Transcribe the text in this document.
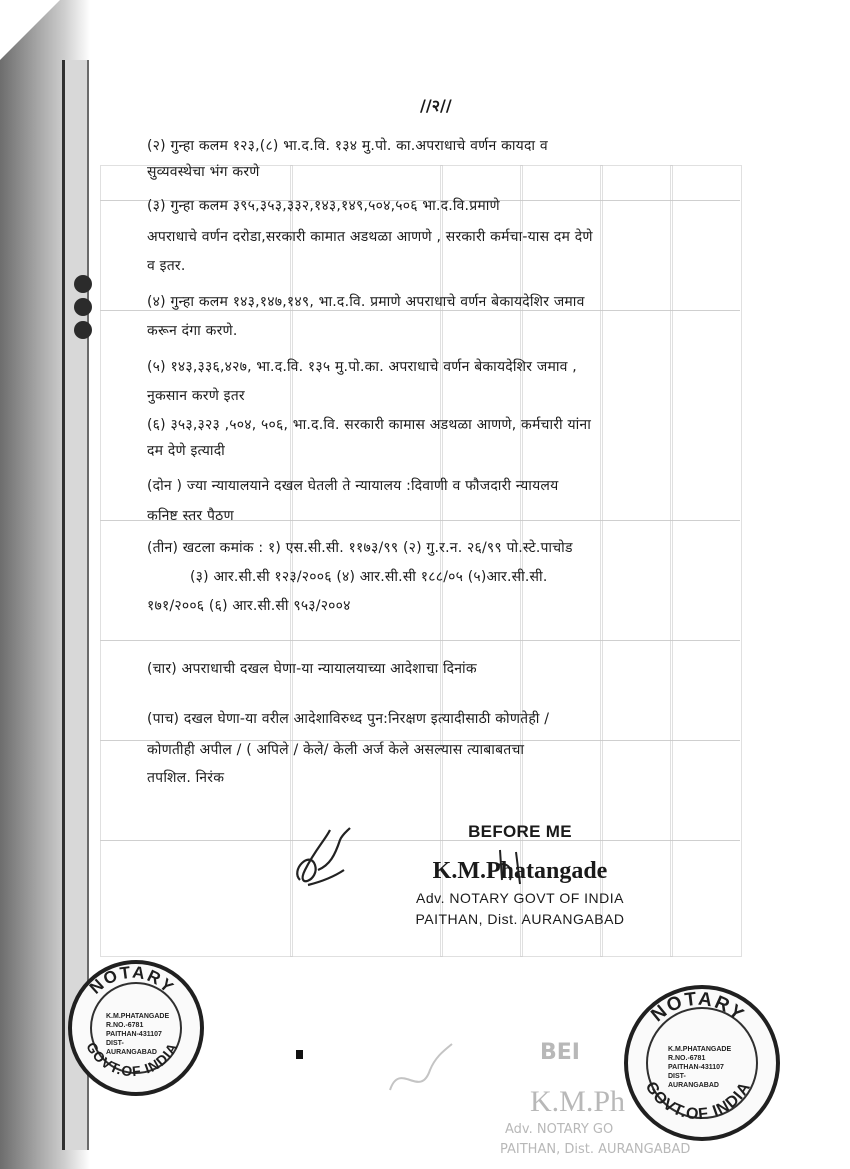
BEI
K.M.Ph
Adv. NOTARY GO
PAITHAN, Dist. AURANGABAD
//२//
(२) गुन्हा कलम १२३,(८) भा.द.वि. १३४ मु.पो. का.अपराधाचे वर्णन कायदा व
सुव्यवस्थेचा भंग करणे
(३) गुन्हा कलम ३९५,३५३,३३२,१४३,१४९,५०४,५०६ भा.द.वि.प्रमाणे
अपराधाचे वर्णन दरोडा,सरकारी कामात अडथळा आणणे , सरकारी कर्मचा-यास दम देणे
व इतर.
(४) गुन्हा कलम १४३,१४७,१४९, भा.द.वि. प्रमाणे अपराधाचे वर्णन बेकायदेशिर जमाव
करून दंगा करणे.
(५) १४३,३३६,४२७, भा.द.वि. १३५ मु.पो.का. अपराधाचे वर्णन बेकायदेशिर जमाव ,
नुकसान करणे इतर
(६) ३५३,३२३ ,५०४, ५०६, भा.द.वि. सरकारी कामास अडथळा आणणे, कर्मचारी यांना
दम देणे इत्यादी
(दोन ) ज्या न्यायालयाने दखल घेतली ते न्यायालय :दिवाणी व फौजदारी न्यायलय
कनिष्ट स्तर पैठण
(तीन) खटला कमांक : १) एस.सी.सी. ११७३/९९ (२) गु.र.न. २६/९९ पो.स्टे.पाचोड
(३) आर.सी.सी १२३/२००६ (४) आर.सी.सी १८८/०५ (५)आर.सी.सी.
१७१/२००६ (६) आर.सी.सी ९५३/२००४
(चार) अपराधाची दखल घेणा-या न्यायालयाच्या आदेशाचा दिनांक
(पाच) दखल घेणा-या वरील आदेशाविरुध्द पुन:निरक्षण इत्यादीसाठी कोणतेही /
कोणतीही अपील / ( अपिले / केले/ केली अर्ज केले असल्यास त्याबाबतचा
तपशिल. निरंक
BEFORE ME
K.M.Phatangade
Adv. NOTARY GOVT OF INDIA
PAITHAN, Dist. AURANGABAD
NOTARY
GOVT.OF INDIA
K.M.PHATANGADE
R.NO.-6781
PAITHAN-431107
DIST-AURANGABAD
NOTARY
GOVT.OF INDIA
K.M.PHATANGADE
R.NO.-6781
PAITHAN-431107
DIST-AURANGABAD
